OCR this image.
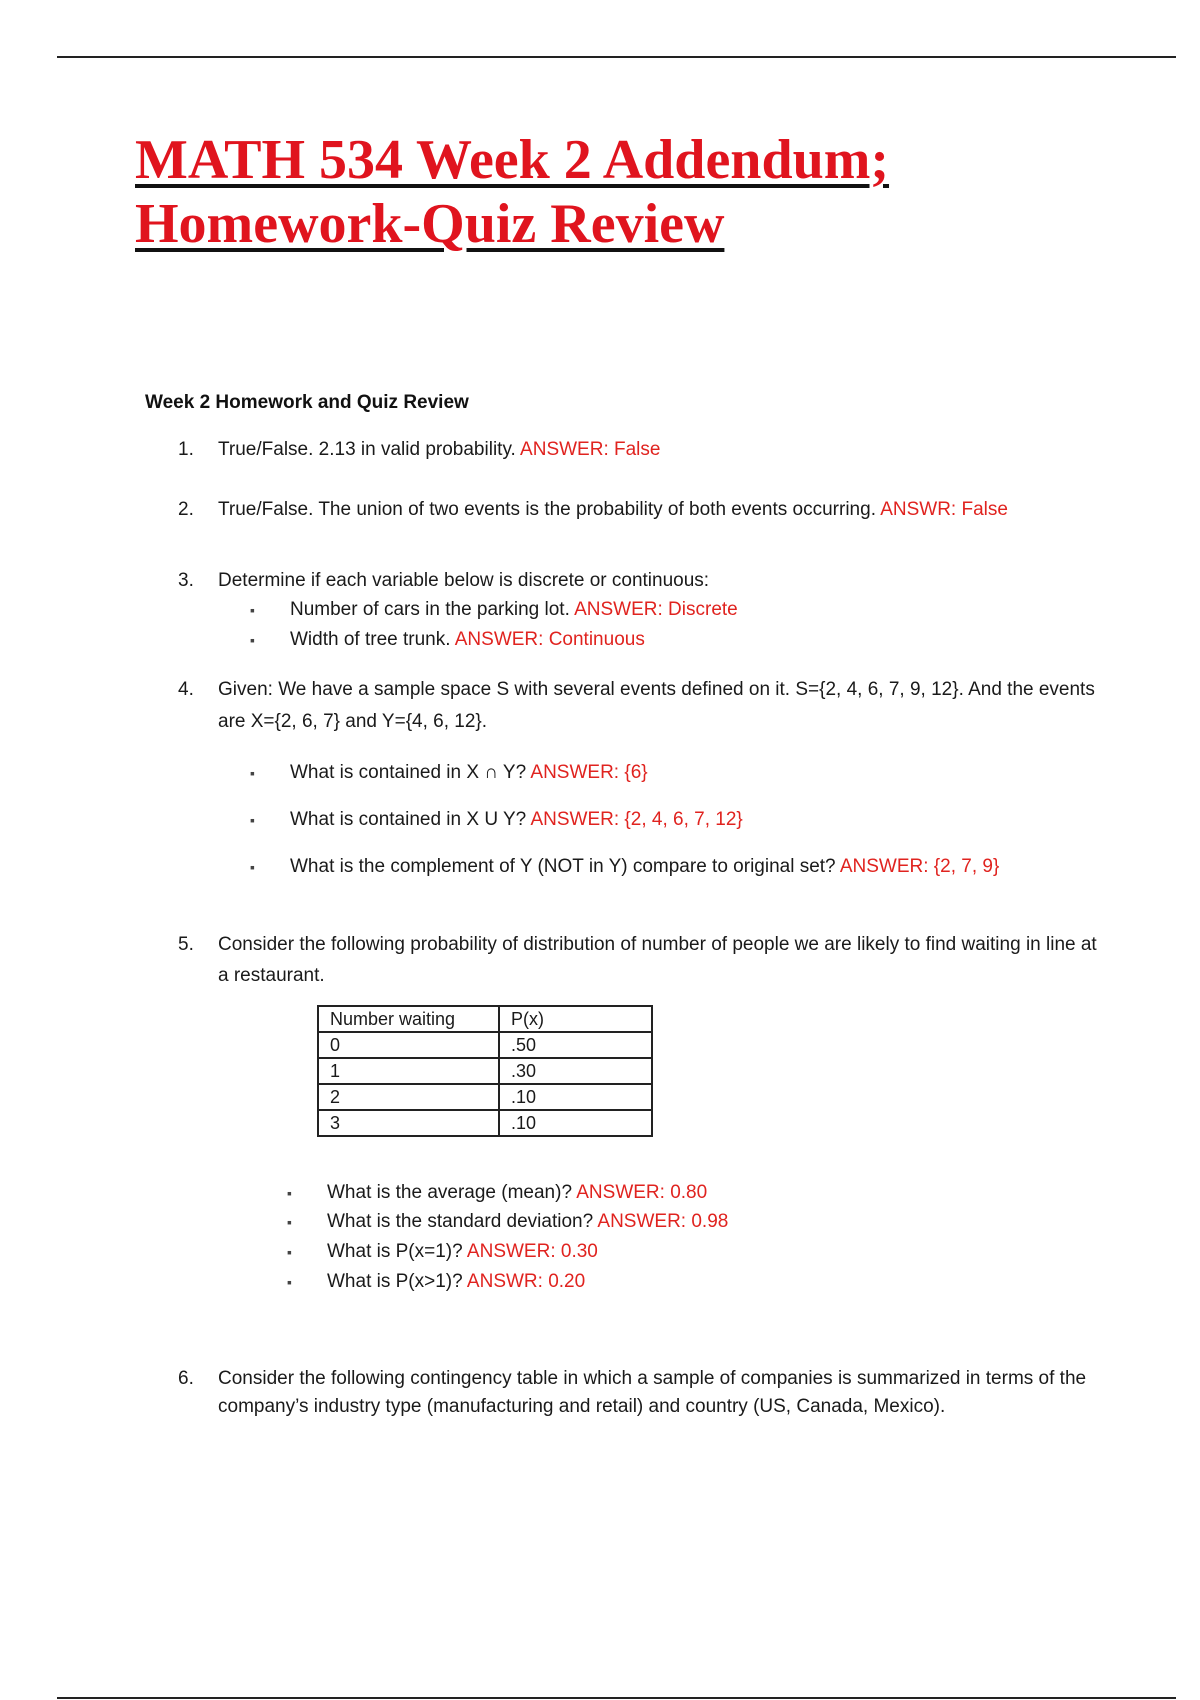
MATH 534 Week 2 Addendum;
Homework-Quiz Review

Week 2 Homework and Quiz Review

1.	True/False. 2.13 in valid probability. ANSWER: False
2.	True/False. The union of two events is the probability of both events occurring. ANSWR: False
3.	Determine if each variable below is discrete or continuous:
▪ Number of cars in the parking lot. ANSWER: Discrete
▪ Width of tree trunk. ANSWER: Continuous
4.	Given: We have a sample space S with several events defined on it. S={2, 4, 6, 7, 9, 12}. And the events are X={2, 6, 7} and Y={4, 6, 12}.
▪ What is contained in X ∩ Y? ANSWER: {6}
▪ What is contained in X U Y? ANSWER: {2, 4, 6, 7, 12}
▪ What is the complement of Y (NOT in Y) compare to original set? ANSWER: {2, 7, 9}
5.	Consider the following probability of distribution of number of people we are likely to find waiting in line at a restaurant.
Number waiting	P(x)
0	.50
1	.30
2	.10
3	.10
▪ What is the average (mean)? ANSWER: 0.80
▪ What is the standard deviation? ANSWER: 0.98
▪ What is P(x=1)? ANSWER: 0.30
▪ What is P(x>1)? ANSWR: 0.20
6.	Consider the following contingency table in which a sample of companies is summarized in terms of the company’s industry type (manufacturing and retail) and country (US, Canada, Mexico).
